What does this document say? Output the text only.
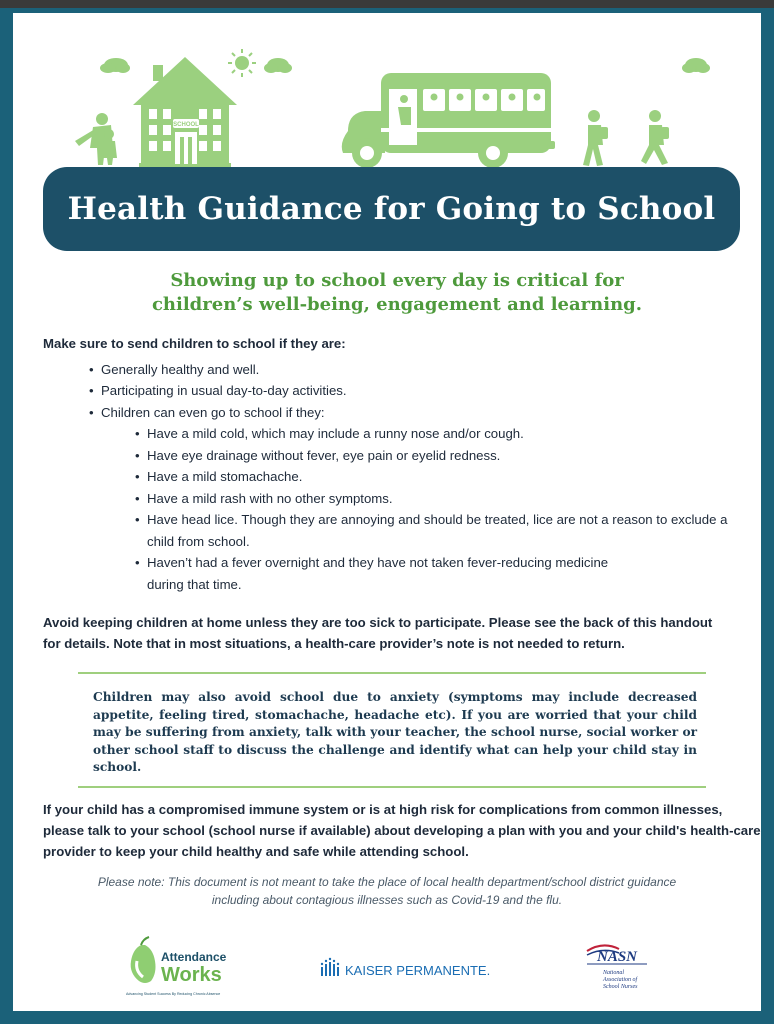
SCHOOL
Health Guidance for Going to School
Showing up to school every day is critical for
children’s well-being, engagement and learning.

Make sure to send children to school if they are:

• Generally healthy and well.
• Participating in usual day-to-day activities.
• Children can even go to school if they:
• Have a mild cold, which may include a runny nose and/or cough.
• Have eye drainage without fever, eye pain or eyelid redness.
• Have a mild stomachache.
• Have a mild rash with no other symptoms.
• Have head lice. Though they are annoying and should be treated, lice are not a reason to exclude a child from school.
• Haven’t had a fever overnight and they have not taken fever-reducing medicine during that time.
Avoid keeping children at home unless they are too sick to participate. Please see the back of this handout for details. Note that in most situations, a health-care provider’s note is not needed to return.
Children may also avoid school due to anxiety (symptoms may include decreased appetite, feeling tired, stomachache, headache etc). If you are worried that your child may be suffering from anxiety, talk with your teacher, the school nurse, social worker or other school staff to discuss the challenge and identify what can help your child stay in school.
If your child has a compromised immune system or is at high risk for complications from common illnesses, please talk to your school (school nurse if available) about developing a plan with you and your child's health-care provider to keep your child healthy and safe while attending school.
Please note: This document is not meant to take the place of local health department/school district guidance including about contagious illnesses such as Covid-19 and the flu.
Attendance
Works
Advancing Student Success By Reducing Chronic Absence
KAISER PERMANENTE.
NASN
National
Association of
School Nurses
